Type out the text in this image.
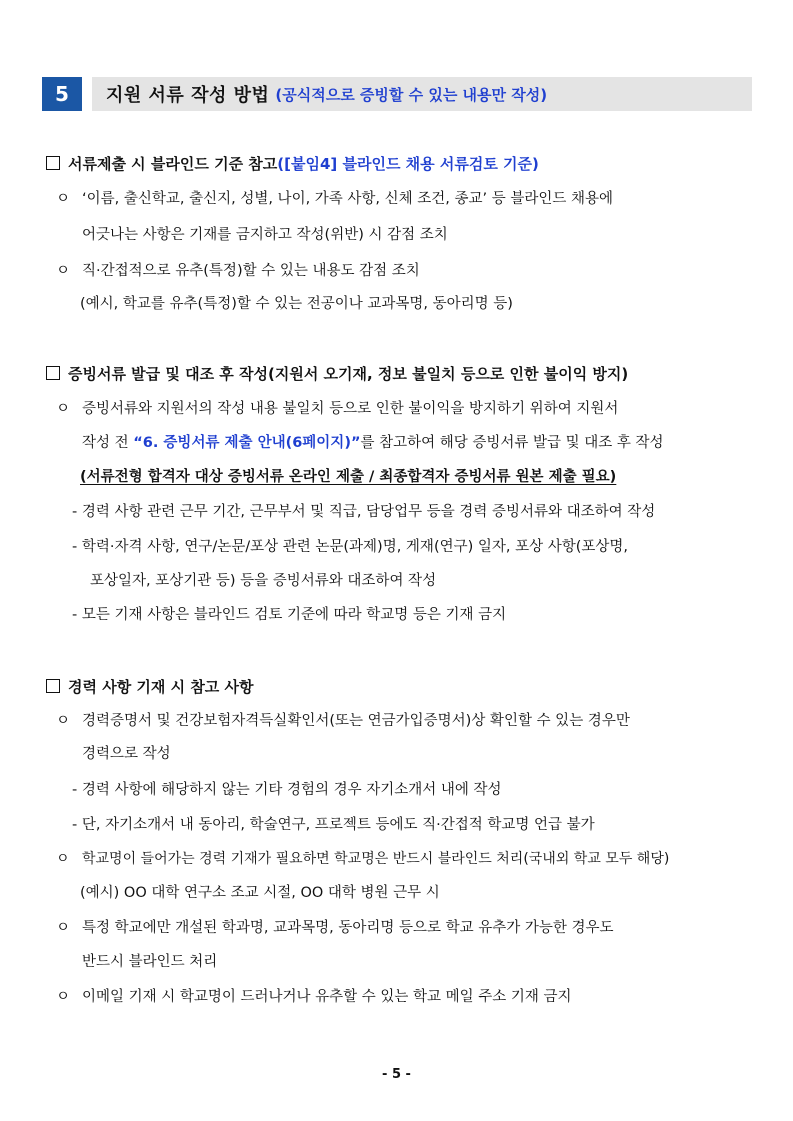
5	지원 서류 작성 방법 (공식적으로 증빙할 수 있는 내용만 작성)
서류제출 시 블라인드 기준 참고([붙임4] 블라인드 채용 서류검토 기준)
ㅇ ‘이름, 출신학교, 출신지, 성별, 나이, 가족 사항, 신체 조건, 종교’ 등 블라인드 채용에
어긋나는 사항은 기재를 금지하고 작성(위반) 시 감점 조치
ㅇ 직·간접적으로 유추(특정)할 수 있는 내용도 감점 조치
(예시, 학교를 유추(특정)할 수 있는 전공이나 교과목명, 동아리명 등)
증빙서류 발급 및 대조 후 작성(지원서 오기재, 정보 불일치 등으로 인한 불이익 방지)
ㅇ 증빙서류와 지원서의 작성 내용 불일치 등으로 인한 불이익을 방지하기 위하여 지원서
작성 전 “6. 증빙서류 제출 안내(6페이지)”를 참고하여 해당 증빙서류 발급 및 대조 후 작성
(서류전형 합격자 대상 증빙서류 온라인 제출 / 최종합격자 증빙서류 원본 제출 필요)
- 경력 사항 관련 근무 기간, 근무부서 및 직급, 담당업무 등을 경력 증빙서류와 대조하여 작성
- 학력·자격 사항, 연구/논문/포상 관련 논문(과제)명, 게재(연구) 일자, 포상 사항(포상명,
포상일자, 포상기관 등) 등을 증빙서류와 대조하여 작성
- 모든 기재 사항은 블라인드 검토 기준에 따라 학교명 등은 기재 금지
경력 사항 기재 시 참고 사항
ㅇ 경력증명서 및 건강보험자격득실확인서(또는 연금가입증명서)상 확인할 수 있는 경우만
경력으로 작성
- 경력 사항에 해당하지 않는 기타 경험의 경우 자기소개서 내에 작성
- 단, 자기소개서 내 동아리, 학술연구, 프로젝트 등에도 직·간접적 학교명 언급 불가
ㅇ 학교명이 들어가는 경력 기재가 필요하면 학교명은 반드시 블라인드 처리(국내외 학교 모두 해당)
(예시) OO 대학 연구소 조교 시절, OO 대학 병원 근무 시
ㅇ 특정 학교에만 개설된 학과명, 교과목명, 동아리명 등으로 학교 유추가 가능한 경우도
반드시 블라인드 처리
ㅇ 이메일 기재 시 학교명이 드러나거나 유추할 수 있는 학교 메일 주소 기재 금지
- 5 -
